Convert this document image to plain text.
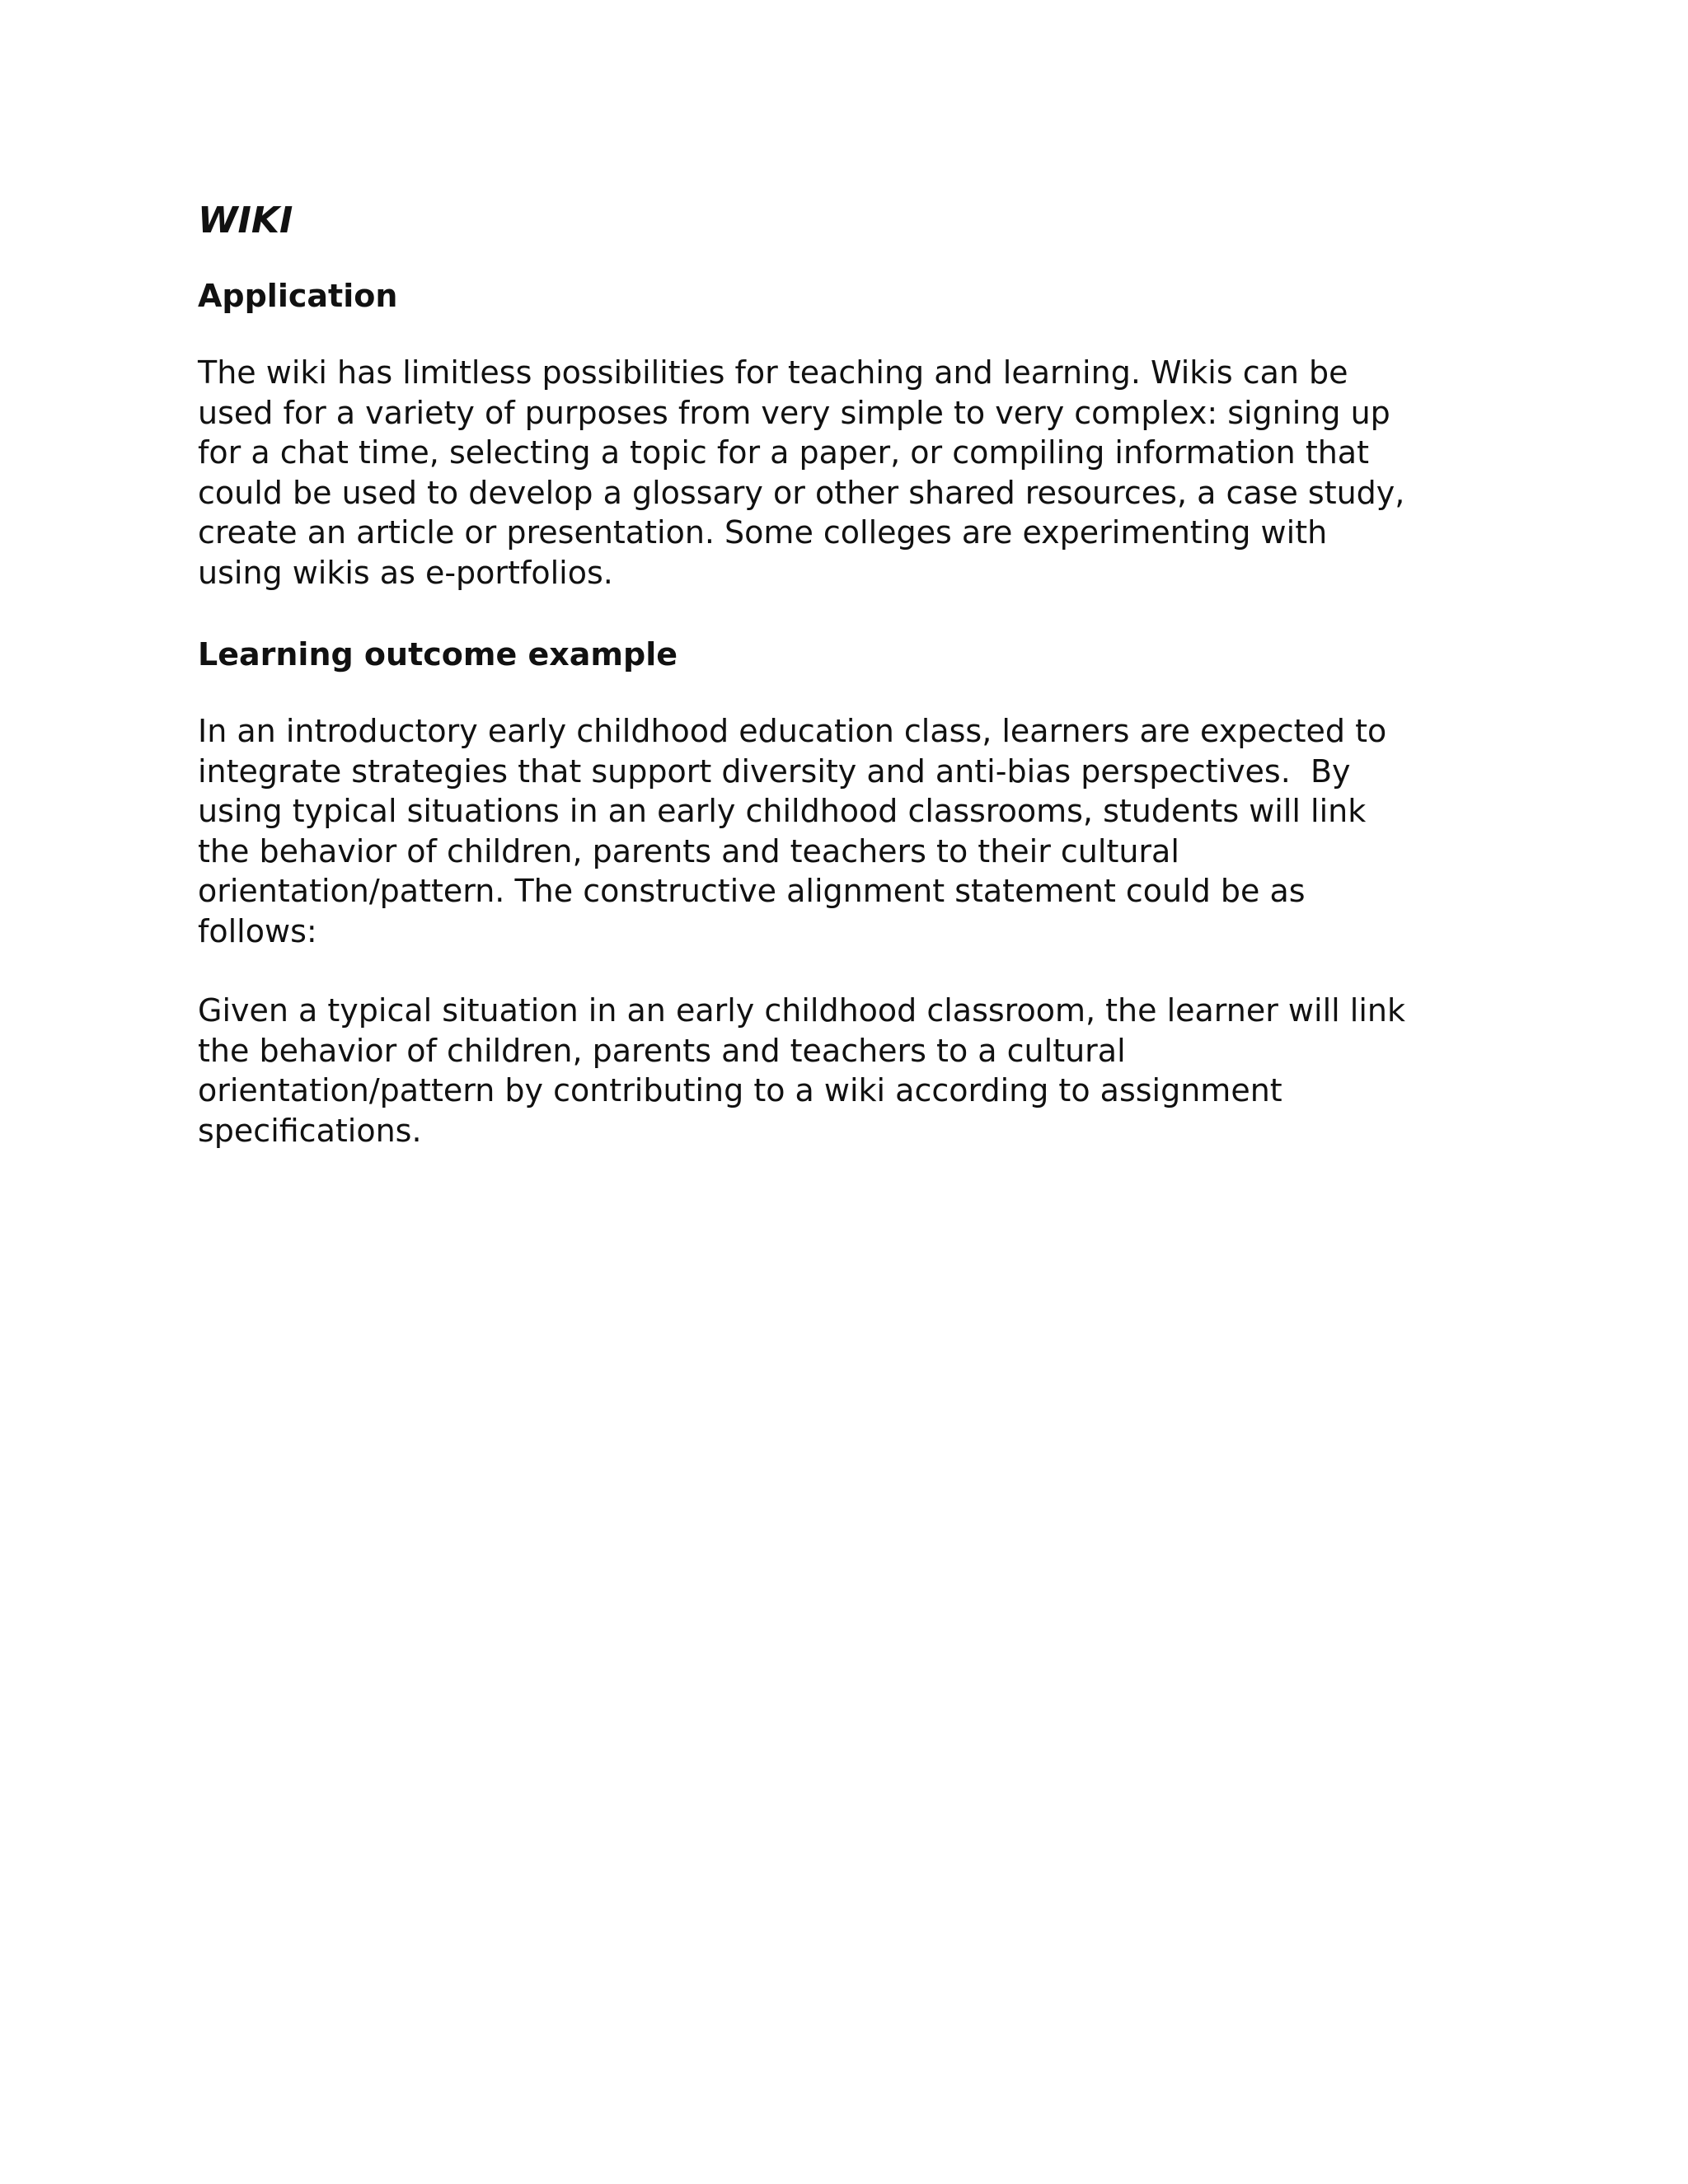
WIKI
Application

The wiki has limitless possibilities for teaching and learning. Wikis can be
used for a variety of purposes from very simple to very complex: signing up
for a chat time, selecting a topic for a paper, or compiling information that
could be used to develop a glossary or other shared resources, a case study,
create an article or presentation. Some colleges are experimenting with
using wikis as e-portfolios.

Learning outcome example

In an introductory early childhood education class, learners are expected to
integrate strategies that support diversity and anti-bias perspectives.  By
using typical situations in an early childhood classrooms, students will link
the behavior of children, parents and teachers to their cultural
orientation/pattern. The constructive alignment statement could be as
follows:

Given a typical situation in an early childhood classroom, the learner will link
the behavior of children, parents and teachers to a cultural
orientation/pattern by contributing to a wiki according to assignment
specifications.
